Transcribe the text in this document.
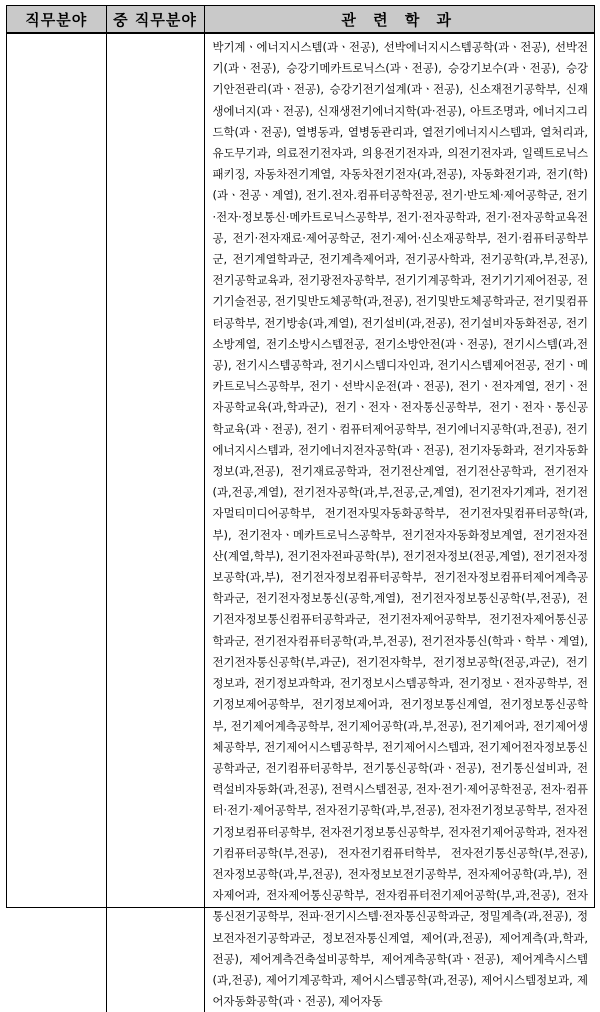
직무분야	중 직무분야	관 련 학 과
		박기계ㆍ에너지시스템(과ㆍ전공), 선박에너지시스템공학(과ㆍ전공), 선박전기(과ㆍ전공), 승강기메카트로닉스(과ㆍ전공), 승강기보수(과ㆍ전공), 승강기안전관리(과ㆍ전공), 승강기전기설계(과ㆍ전공), 신소재전기공학부, 신재생에너지(과ㆍ전공), 신재생전기에너지학(과·전공), 아트조명과, 에너지그리드학(과ㆍ전공), 열병동과, 열병동관리과, 열전기에너지시스템과, 열처리과, 유도무기과, 의료전기전자과, 의용전기전자과, 의전기전자과, 일렉트로닉스패키징, 자동차전기계열, 자동차전기전자(과,전공), 자동화전기과, 전기(학)(과ㆍ전공ㆍ계열), 전기.전자.컴퓨터공학전공, 전기·반도체·제어공학군, 전기·전자·정보통신·메카트로닉스공학부, 전기·전자공학과, 전기·전자공학교육전공, 전기·전자재료·제어공학군, 전기·제어·신소재공학부, 전기·컴퓨터공학부군, 전기계열학과군, 전기계측제어과, 전기공사학과, 전기공학(과,부,전공), 전기공학교육과, 전기광전자공학부, 전기기계공학과, 전기기기제어전공, 전기기술전공, 전기및반도체공학(과,전공), 전기및반도체공학과군, 전기및컴퓨터공학부, 전기방송(과,계열), 전기설비(과,전공), 전기설비자동화전공, 전기소방계열, 전기소방시스템전공, 전기소방안전(과ㆍ전공), 전기시스템(과,전공), 전기시스템공학과, 전기시스템디자인과, 전기시스템제어전공, 전기ㆍ메카트로닉스공학부, 전기ㆍ선박시운전(과ㆍ전공), 전기ㆍ전자계열, 전기ㆍ전자공학교육(과,학과군), 전기ㆍ전자ㆍ전자통신공학부, 전기ㆍ전자ㆍ통신공학교육(과ㆍ전공), 전기ㆍ컴퓨터제어공학부, 전기에너지공학(과,전공), 전기에너지시스템과, 전기에너지전자공학(과ㆍ전공), 전기자동화과, 전기자동화정보(과,전공), 전기재료공학과, 전기전산계열, 전기전산공학과, 전기전자(과,전공,계열), 전기전자공학(과,부,전공,군,계열), 전기전자기계과, 전기전자멀티미디어공학부, 전기전자및자동화공학부, 전기전자및컴퓨터공학(과,부), 전기전자ㆍ메카트로닉스공학부, 전기전자자동화정보계열, 전기전자전산(계열,학부), 전기전자전파공학(부), 전기전자정보(전공,계열), 전기전자정보공학(과,부), 전기전자정보컴퓨터공학부, 전기전자정보컴퓨터제어계측공학과군, 전기전자정보통신(공학,계열), 전기전자정보통신공학(부,전공), 전기전자정보통신컴퓨터공학과군, 전기전자제어공학부, 전기전자제어통신공학과군, 전기전자컴퓨터공학(과,부,전공), 전기전자통신(학과ㆍ학부ㆍ계열), 전기전자통신공학(부,과군), 전기전자학부, 전기정보공학(전공,과군), 전기정보과, 전기정보과학과, 전기정보시스템공학과, 전기정보ㆍ전자공학부, 전기정보제어공학부, 전기정보제어과, 전기정보통신계열, 전기정보통신공학부, 전기제어계측공학부, 전기제어공학(과,부,전공), 전기제어과, 전기제어생체공학부, 전기제어시스템공학부, 전기제어시스템과, 전기제어전자정보통신공학과군, 전기컴퓨터공학부, 전기통신공학(과ㆍ전공), 전기통신설비과, 전력설비자동화(과,전공), 전력시스템전공, 전자·전기·제어공학전공, 전자·컴퓨터·전기·제어공학부, 전자전기공학(과,부,전공), 전자전기정보공학부, 전자전기정보컴퓨터공학부, 전자전기정보통신공학부, 전자전기제어공학과, 전자전기컴퓨터공학(부,전공), 전자전기컴퓨터학부, 전자전기통신공학(부,전공), 전자정보공학(과,부,전공), 전자정보보전기공학부, 전자제어공학(과,부), 전자제어과, 전자제어통신공학부, 전자컴퓨터전기제어공학(부,과,전공), 전자통신전기공학부, 전파·전기시스템·전자통신공학과군, 정밀계측(과,전공), 정보전자전기공학과군, 정보전자통신계열, 제어(과,전공), 제어계측(과,학과,전공), 제어계측건축설비공학부, 제어계측공학(과ㆍ전공), 제어계측시스템(과,전공), 제어기계공학과, 제어시스템공학(과,전공), 제어시스템정보과, 제어자동화공학(과ㆍ전공), 제어자동
